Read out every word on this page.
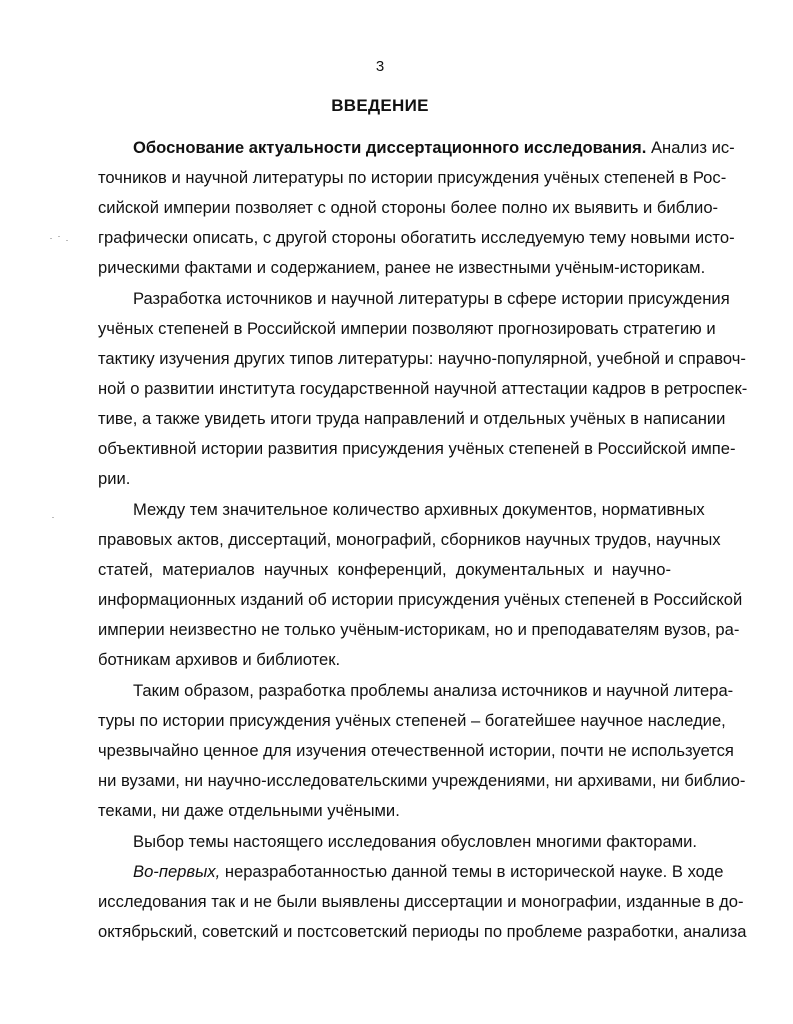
3
ВВЕДЕНИЕ
Обоснование актуальности диссертационного исследования. Анализ ис-
точников и научной литературы по истории присуждения учёных степеней в Рос-
сийской империи позволяет с одной стороны более полно их выявить и библио-
графически описать, с другой стороны обогатить исследуемую тему новыми исто-
рическими фактами и содержанием, ранее не известными учёным-историкам.
Разработка источников и научной литературы в сфере истории присуждения
учёных степеней в Российской империи позволяют прогнозировать стратегию и
тактику изучения других типов литературы: научно-популярной, учебной и справоч-
ной о развитии института государственной научной аттестации кадров в ретроспек-
тиве, а также увидеть итоги труда направлений и отдельных учёных в написании
объективной истории развития присуждения учёных степеней в Российской импе-
рии.
Между тем значительное количество архивных документов, нормативных
правовых актов, диссертаций, монографий, сборников научных трудов, научных
статей, материалов научных конференций, документальных и научно-
информационных изданий об истории присуждения учёных степеней в Российской
империи неизвестно не только учёным-историкам, но и преподавателям вузов, ра-
ботникам архивов и библиотек.
Таким образом, разработка проблемы анализа источников и научной литера-
туры по истории присуждения учёных степеней – богатейшее научное наследие,
чрезвычайно ценное для изучения отечественной истории, почти не используется
ни вузами, ни научно-исследовательскими учреждениями, ни архивами, ни библио-
теками, ни даже отдельными учёными.
Выбор темы настоящего исследования обусловлен многими факторами.
Во-первых, неразработанностью данной темы в исторической науке. В ходе
исследования так и не были выявлены диссертации и монографии, изданные в до-
октябрьский, советский и постсоветский периоды по проблеме разработки, анализа
